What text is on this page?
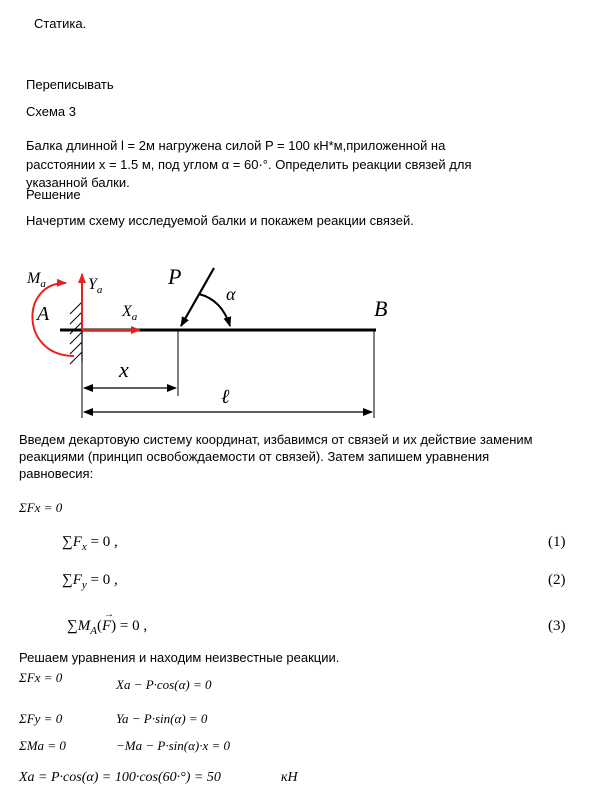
Статика.
Переписывать
Схема 3
Балка длинной l = 2м нагружена силой P = 100 кН*м,приложенной на
расстоянии x = 1.5 м, под углом α = 60·°. Определить реакции связей для
указанной балки.
Решение
Начертим схему исследуемой балки и покажем реакции связей.
$M_a$	$Y_a$
A	$X_a$
P
α
B
x
ℓ
Введем декартовую систему координат, избавимся от связей и их действие заменим
реакциями (принцип освобождаемости от связей). Затем запишем уравнения
равновесия:
ΣFx = 0
$\sum F_x = 0$ ,	(1)
$\sum F_y = 0$ ,	(2)
$\sum M_A(F$
→
) = 0 ,	(3)
Решаем уравнения и находим неизвестные реакции.
ΣFx = 0	Xa − P·cos(α) = 0
ΣFy = 0	Ya − P·sin(α) = 0
ΣMa = 0	−Ma − P·sin(α)·x = 0
Xa = P·cos(α) = 100·cos(60·°) = 50	кН
